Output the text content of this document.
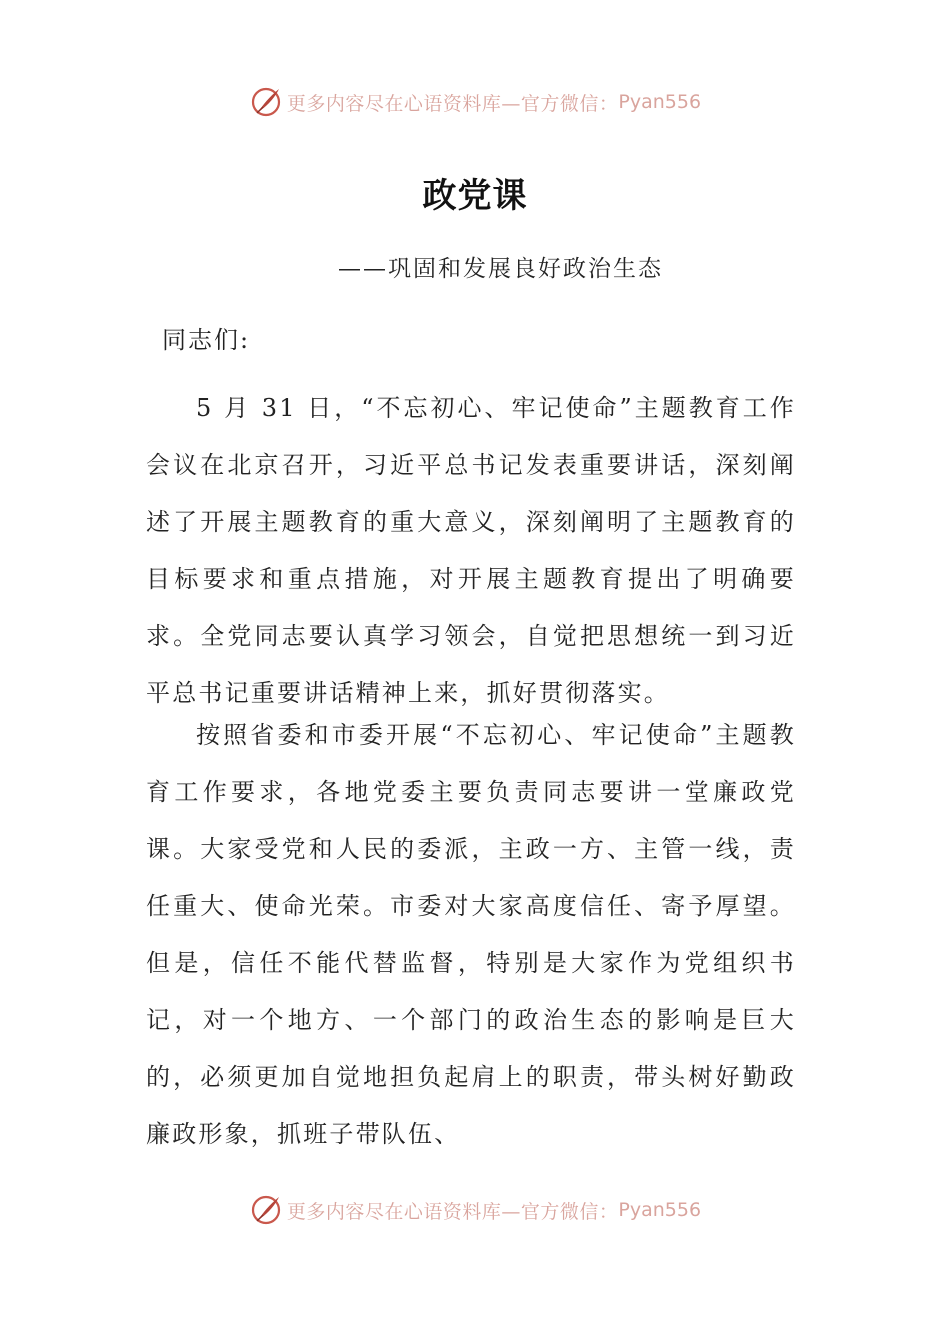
更多内容尽在心语资料库—官方微信： Pyan556
政党课
——巩固和发展良好政治生态
同志们:
5 月 31 日，“不忘初心、牢记使命”主题教育工作会议在北京召开，习近平总书记发表重要讲话，深刻阐述了开展主题教育的重大意义，深刻阐明了主题教育的目标要求和重点措施，对开展主题教育提出了明确要求。全党同志要认真学习领会，自觉把思想统一到习近平总书记重要讲话精神上来，抓好贯彻落实。
按照省委和市委开展“不忘初心、牢记使命”主题教育工作要求，各地党委主要负责同志要讲一堂廉政党课。大家受党和人民的委派，主政一方、主管一线，责任重大、使命光荣。市委对大家高度信任、寄予厚望。但是，信任不能代替监督，特别是大家作为党组织书记，对一个地方、一个部门的政治生态的影响是巨大的，必须更加自觉地担负起肩上的职责，带头树好勤政廉政形象，抓班子带队伍、
更多内容尽在心语资料库—官方微信： Pyan556
